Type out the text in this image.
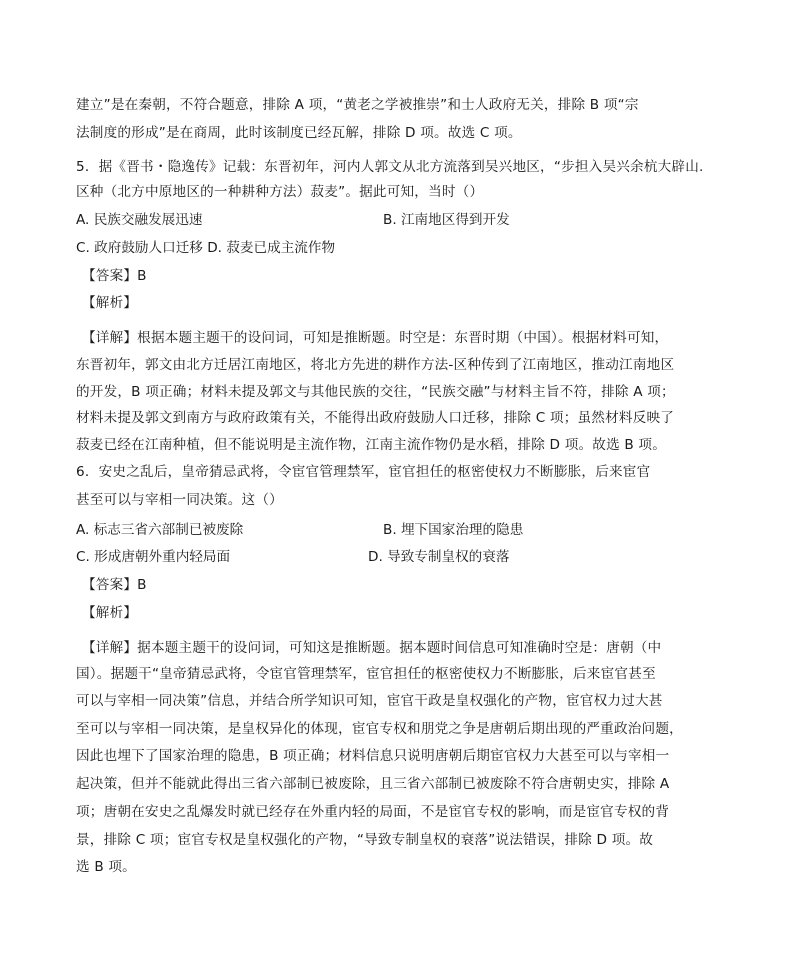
建立”是在秦朝，不符合题意，排除 A 项，“黄老之学被推崇”和士人政府无关，排除 B 项“宗
法制度的形成”是在商周，此时该制度已经瓦解，排除 D 项。故选 C 项。
5．据《晋书・隐逸传》记载：东晋初年，河内人郭文从北方流落到吴兴地区，“步担入吴兴余杭大辟山.
区种（北方中原地区的一种耕种方法）菽麦”。据此可知，当时（）
A. 民族交融发展迅速	B. 江南地区得到开发
C. 政府鼓励人口迁移 D. 菽麦已成主流作物
【答案】B
【解析】
【详解】根据本题主题干的设问词，可知是推断题。时空是：东晋时期（中国）。根据材料可知，
东晋初年，郭文由北方迁居江南地区，将北方先进的耕作方法-区种传到了江南地区，推动江南地区
的开发，B 项正确；材料未提及郭文与其他民族的交往，“民族交融”与材料主旨不符，排除 A 项；
材料未提及郭文到南方与政府政策有关，不能得出政府鼓励人口迁移，排除 C 项；虽然材料反映了
菽麦已经在江南种植，但不能说明是主流作物，江南主流作物仍是水稻，排除 D 项。故选 B 项。
6．安史之乱后，皇帝猜忌武将，令宦官管理禁军，宦官担任的枢密使权力不断膨胀，后来宦官
甚至可以与宰相一同决策。这（）
A. 标志三省六部制已被废除	B. 埋下国家治理的隐患
C. 形成唐朝外重内轻局面	D. 导致专制皇权的衰落
【答案】B
【解析】
【详解】据本题主题干的设问词，可知这是推断题。据本题时间信息可知准确时空是：唐朝（中
国）。据题干“皇帝猜忌武将，令宦官管理禁军，宦官担任的枢密使权力不断膨胀，后来宦官甚至
可以与宰相一同决策”信息，并结合所学知识可知，宦官干政是皇权强化的产物，宦官权力过大甚
至可以与宰相一同决策，是皇权异化的体现，宦官专权和朋党之争是唐朝后期出现的严重政治问题，
因此也埋下了国家治理的隐患，B 项正确；材料信息只说明唐朝后期宦官权力大甚至可以与宰相一
起决策，但并不能就此得出三省六部制已被废除，且三省六部制已被废除不符合唐朝史实，排除 A
项；唐朝在安史之乱爆发时就已经存在外重内轻的局面，不是宦官专权的影响，而是宦官专权的背
景，排除 C 项；宦官专权是皇权强化的产物，“导致专制皇权的衰落”说法错误，排除 D 项。故
选 B 项。
